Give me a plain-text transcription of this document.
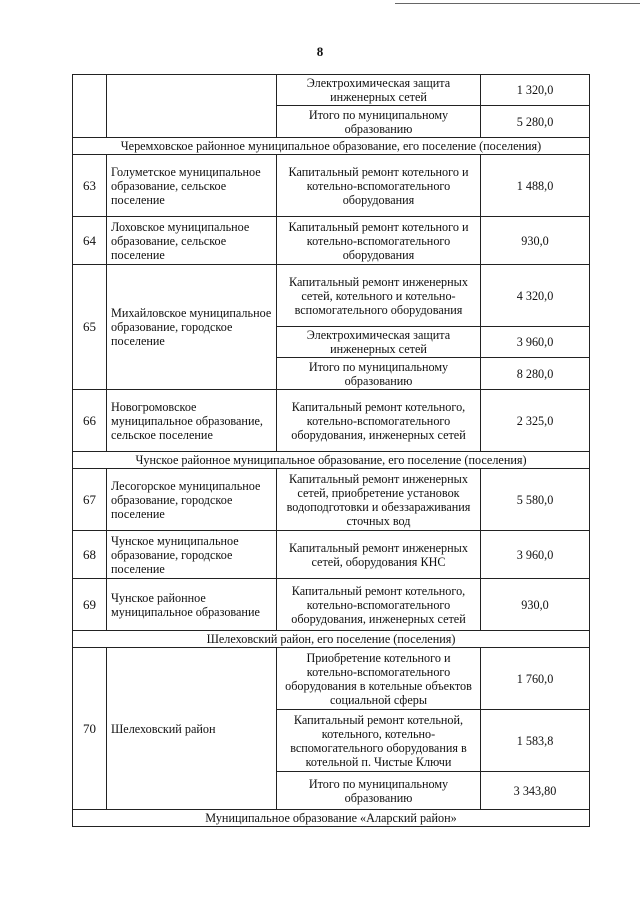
8
		Электрохимическая защита инженерных сетей	1 320,0
		Итого по муниципальному образованию	5 280,0
Черемховское районное муниципальное образование, его поселение (поселения)			
63	Голуметское муниципальное образование, сельское поселение	Капитальный ремонт котельного и котельно-вспомогательного оборудования	1 488,0
64	Лоховское муниципальное образование, сельское поселение	Капитальный ремонт котельного и котельно-вспомогательного оборудования	930,0
65	Михайловское муниципальное образование, городское поселение	Капитальный ремонт инженерных сетей, котельного и котельно-вспомогательного оборудования	4 320,0
		Электрохимическая защита инженерных сетей	3 960,0
		Итого по муниципальному образованию	8 280,0
66	Новогромовское муниципальное образование, сельское поселение	Капитальный ремонт котельного, котельно-вспомогательного оборудования, инженерных сетей	2 325,0
Чунское районное муниципальное образование, его поселение (поселения)			
67	Лесогорское муниципальное образование, городское поселение	Капитальный ремонт инженерных сетей, приобретение установок водоподготовки и обеззараживания сточных вод	5 580,0
68	Чунское муниципальное образование, городское поселение	Капитальный ремонт инженерных сетей, оборудования КНС	3 960,0
69	Чунское районное муниципальное образование	Капитальный ремонт котельного, котельно-вспомогательного оборудования, инженерных сетей	930,0
Шелеховский район, его поселение (поселения)			
70	Шелеховский район	Приобретение котельного и котельно-вспомогательного оборудования в котельные объектов социальной сферы	1 760,0
		Капитальный ремонт котельной, котельного, котельно-вспомогательного оборудования в котельной п. Чистые Ключи	1 583,8
		Итого по муниципальному образованию	3 343,80
Муниципальное образование «Аларский район»			
